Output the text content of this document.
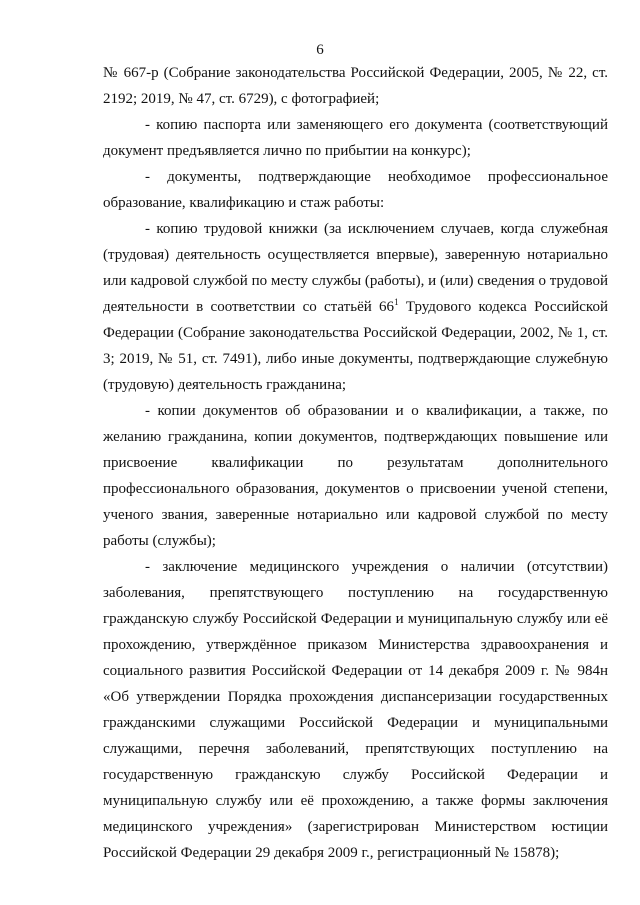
6

№ 667-р (Собрание законодательства Российской Федерации, 2005, № 22, ст. 2192; 2019, № 47, ст. 6729), с фотографией;

- копию паспорта или заменяющего его документа (соответствующий документ предъявляется лично по прибытии на конкурс);

- документы, подтверждающие необходимое профессиональное образование, квалификацию и стаж работы:

- копию трудовой книжки (за исключением случаев, когда служебная (трудовая) деятельность осуществляется впервые), заверенную нотариально или кадровой службой по месту службы (работы), и (или) сведения о трудовой деятельности в соответствии со статьёй $66^1$ Трудового кодекса Российской Федерации (Собрание законодательства Российской Федерации, 2002, № 1, ст. 3; 2019, № 51, ст. 7491), либо иные документы, подтверждающие служебную (трудовую) деятельность гражданина;

- копии документов об образовании и о квалификации, а также, по желанию гражданина, копии документов, подтверждающих повышение или присвоение квалификации по результатам дополнительного профессионального образования, документов о присвоении ученой степени, ученого звания, заверенные нотариально или кадровой службой по месту работы (службы);

- заключение медицинского учреждения о наличии (отсутствии) заболевания, препятствующего поступлению на государственную гражданскую службу Российской Федерации и муниципальную службу или её прохождению, утверждённое приказом Министерства здравоохранения и социального развития Российской Федерации от 14 декабря 2009 г. № 984н «Об утверждении Порядка прохождения диспансеризации государственных гражданскими служащими Российской Федерации и муниципальными служащими, перечня заболеваний, препятствующих поступлению на государственную гражданскую службу Российской Федерации и муниципальную службу или её прохождению, а также формы заключения медицинского учреждения» (зарегистрирован Министерством юстиции Российской Федерации 29 декабря 2009 г., регистрационный № 15878);
